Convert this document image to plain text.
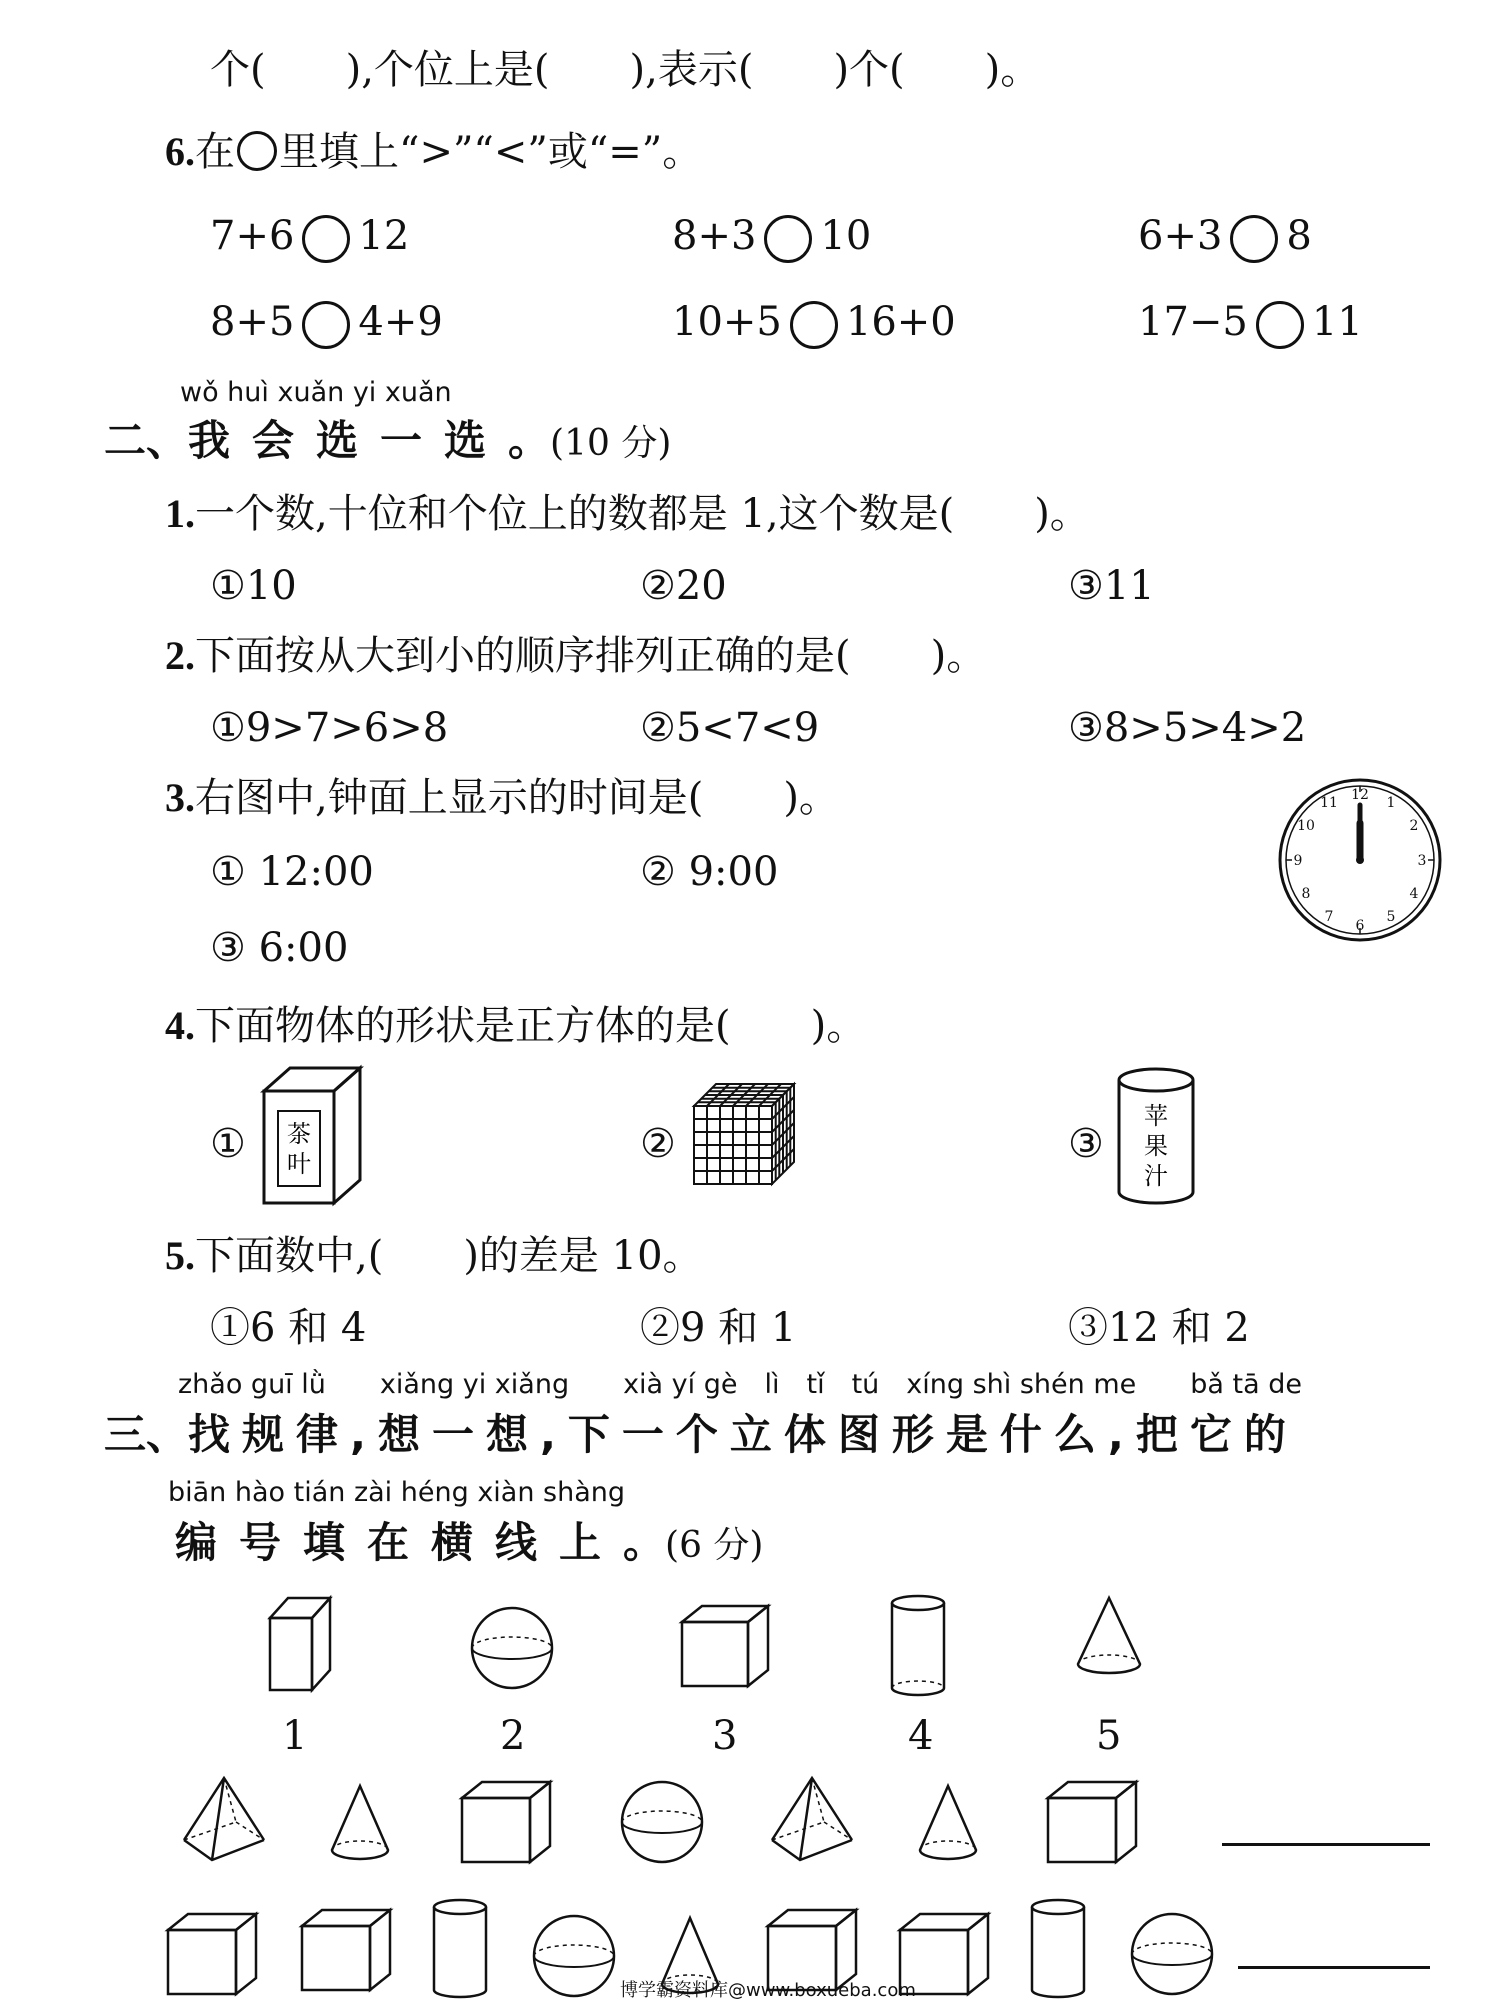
个(　　),个位上是(　　),表示(　　)个(　　)。
6.在 里填上“>”“<”或“=”。
7+6 12	8+3 10	6+3 8
8+5 4+9	10+5 16+0	17−5 11
wǒ huì xuǎn yi xuǎn
二、我会选一选。(10 分)
1.一个数,十位和个位上的数都是 1,这个数是(　　)。
①10	②20	③11
2.下面按从大到小的顺序排列正确的是(　　)。
①9>7>6>8	②5<7<9	③8>5>4>2
3.右图中,钟面上显示的时间是(　　)。
① 12:00	② 9:00
③ 6:00
12 1
2
3
4
5
6
7
8
9
10
11
4.下面物体的形状是正方体的是(　　)。
①	②	③
茶
叶
苹
果
汁
5.下面数中,(　　)的差是 10。
①6 和 4	②9 和 1	③12 和 2
zhǎo guī lǜ　　xiǎng yi xiǎng　　xià yí gè　lì　tǐ　tú　xíng shì shén me　　bǎ tā de
三、找规律,想一想,下一个立体图形是什么,把它的
biān hào tián zài héng xiàn shàng
编号填在横线上。(6 分)
1	2	3	4	5
博学霸资料库@www.boxueba.com
